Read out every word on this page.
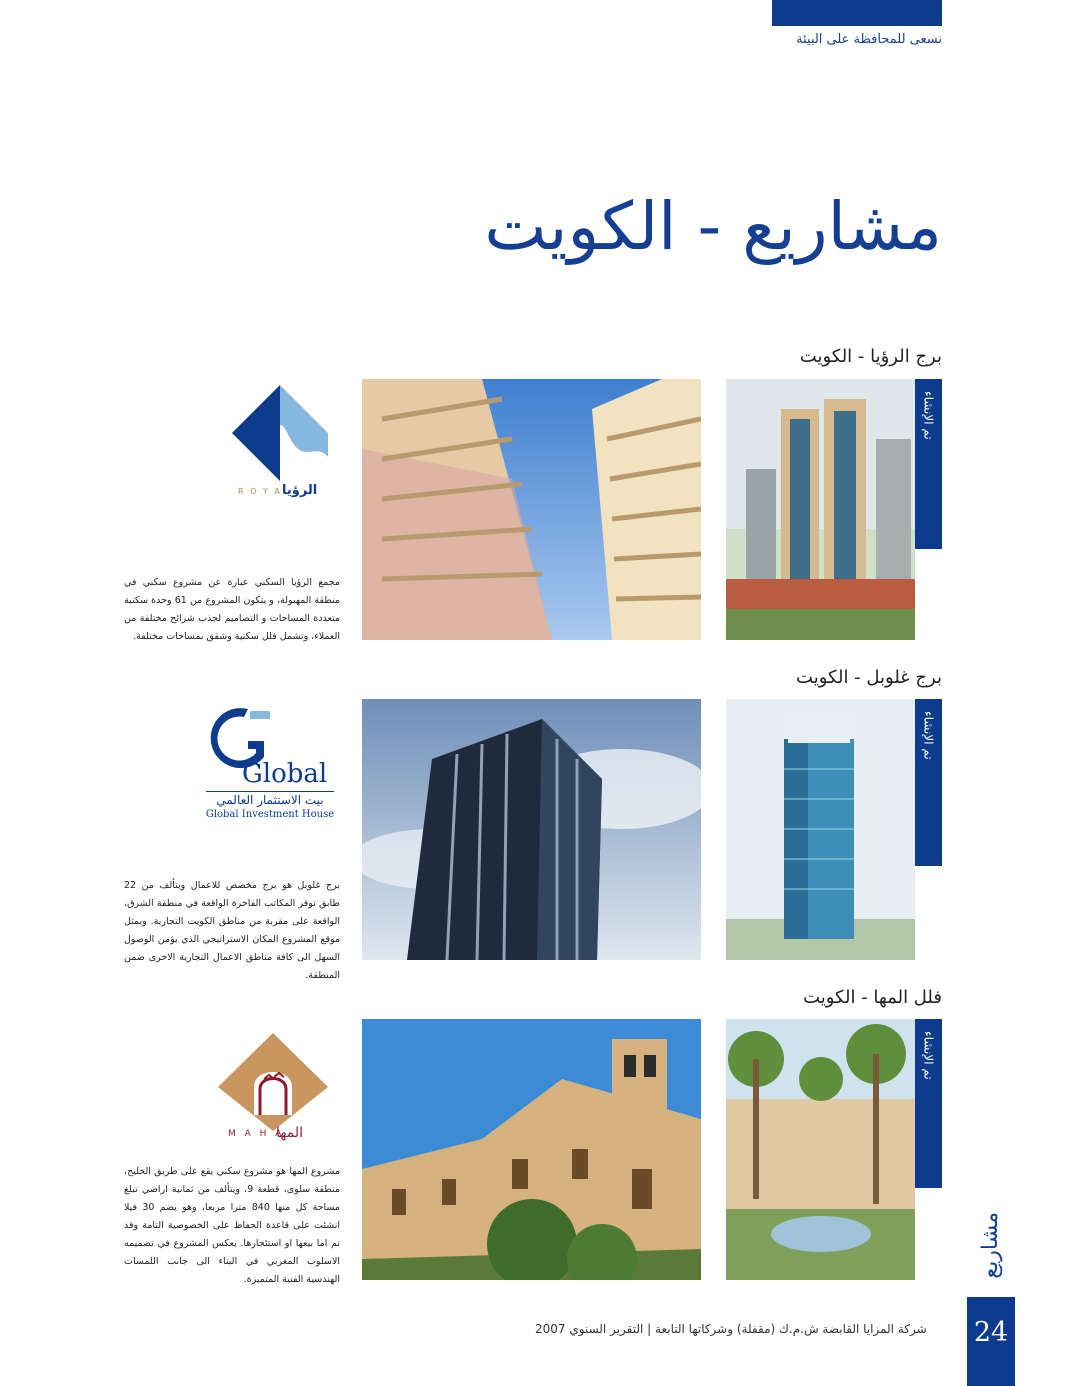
نسعى للمحافظة على البيئة
مشاريع - الكويت
برج الرؤيا - الكويت
الرؤيا
R O Y A
مجمع الرؤيا السكني عبارة عن مشروع سكني في منطقة المهبولة، و يتكون المشروع من 61 وحدة سكنية متعددة المساحات و التصاميم لجذب شرائح مختلفة من العملاء، وتشمل فلل سكنية وشقق بمساحات مختلفة.
تم الإنشاء
برج غلوبل - الكويت
Global
بيت الاستثمار العالمي
Global Investment House
برج غلوبل هو برج مخصص للاعمال ويتألف من 22 طابق توفر المكاتب الفاخرة الواقعة في منطقة الشرق، الواقعة على مقربة من مناطق الكويت التجارية. ويمثل موقع المشروع المكان الاستراتيجي الذي يؤمن الوصول السهل الى كافة مناطق الاعمال التجارية الاخرى ضمن المنطقة.
تم الإنشاء
فلل المها - الكويت
المها
M A H A
مشروع المها هو مشروع سكني يقع على طريق الخليج، منطقة سلوى، قطعة 9، ويتألف من ثمانية اراضي تبلغ مساحة كل منها 840 مترا مربعا، وهو يضم 30 فيلا انشئت على قاعدة الحفاظ على الخصوصية التامة وقد تم اما بيعها او استئجارها. يعكس المشروع في تصميمه الاسلوب المغربي في البناء الى جانب اللمسات الهندسية الفنية المتميزة.
تم الإنشاء
مشاريع
شركة المزايا القابضة ش.م.ك (مقفلة) وشركاتها التابعة | التقرير السنوي 2007 24
